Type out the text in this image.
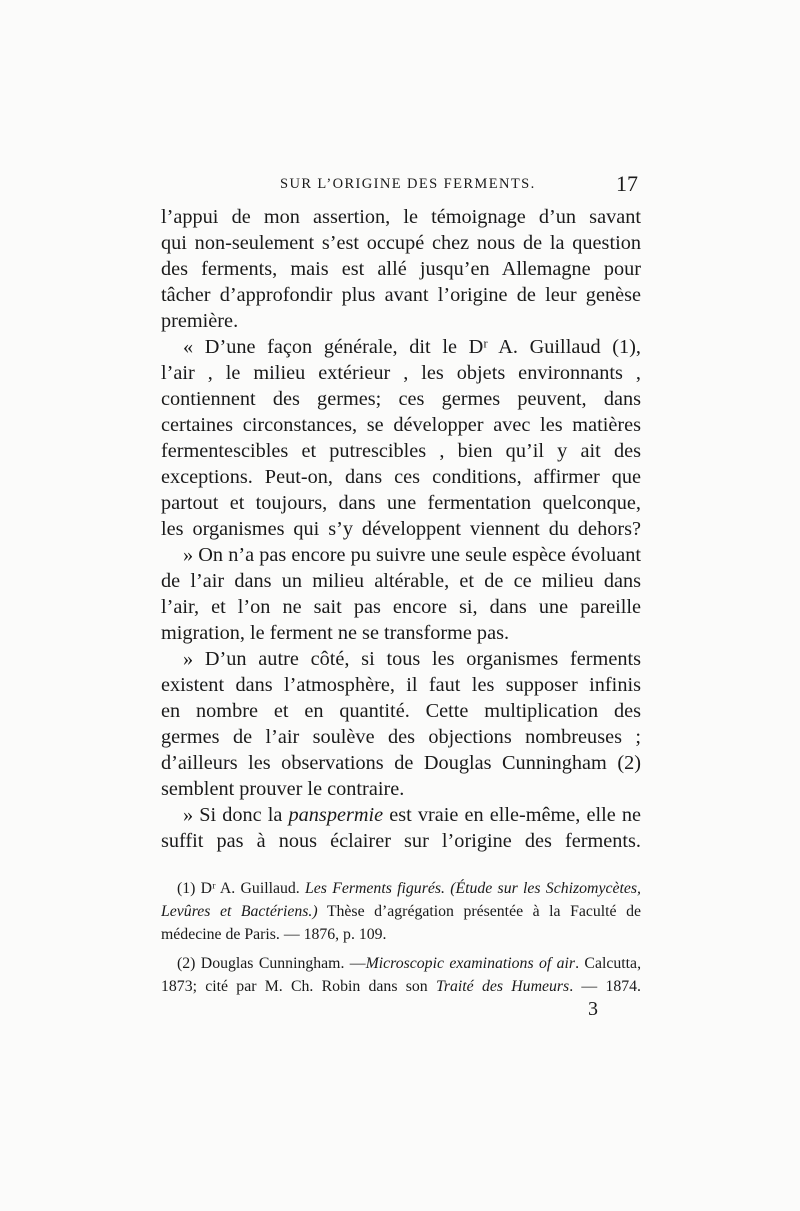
SUR L’ORIGINE DES FERMENTS.	17
l’appui de mon assertion, le témoignage d’un savant
qui non-seulement s’est occupé chez nous de la question
des ferments, mais est allé jusqu’en Allemagne pour
tâcher d’approfondir plus avant l’origine de leur genèse
première.
« D’une façon générale, dit le Dʳ A. Guillaud (1),
l’air , le milieu extérieur , les objets environnants ,
contiennent des germes; ces germes peuvent, dans
certaines circonstances, se développer avec les matières
fermentescibles et putrescibles , bien qu’il y ait des
exceptions. Peut-on, dans ces conditions, affirmer que
partout et toujours, dans une fermentation quelconque,
les organismes qui s’y développent viennent du dehors?
» On n’a pas encore pu suivre une seule espèce évoluant
de l’air dans un milieu altérable, et de ce milieu dans
l’air, et l’on ne sait pas encore si, dans une pareille
migration, le ferment ne se transforme pas.
» D’un autre côté, si tous les organismes ferments
existent dans l’atmosphère, il faut les supposer infinis
en nombre et en quantité. Cette multiplication des
germes de l’air soulève des objections nombreuses ;
d’ailleurs les observations de Douglas Cunningham (2)
semblent prouver le contraire.
» Si donc la panspermie est vraie en elle-même, elle ne
suffit pas à nous éclairer sur l’origine des ferments.
(1) Dʳ A. Guillaud. Les Ferments figurés. (Étude sur les Schizomycètes,
Levûres et Bactériens.) Thèse d’agrégation présentée à la Faculté de
médecine de Paris. — 1876, p. 109.
(2) Douglas Cunningham. —Microscopic examinations of air. Calcutta,
1873; cité par M. Ch. Robin dans son Traité des Humeurs. — 1874.
3
